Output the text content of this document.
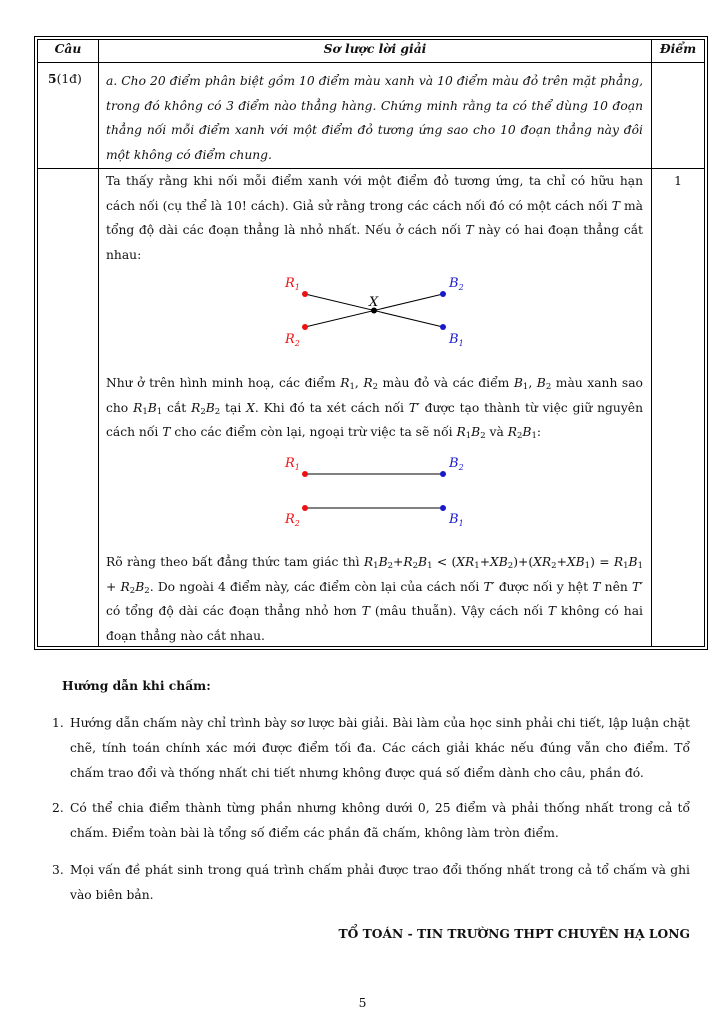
Câu	Sơ lược lời giải	Điểm
5(1đ) a. Cho 20 điểm phân biệt gồm 10 điểm màu xanh và 10 điểm màu đỏ trên mặt phẳng, trong đó không có 3 điểm nào thẳng hàng. Chứng minh rằng ta có thể dùng 10 đoạn thẳng nối mỗi điểm xanh với một điểm đỏ tương ứng sao cho 10 đoạn thẳng này đôi một không có điểm chung.
1
Ta thấy rằng khi nối mỗi điểm xanh với một điểm đỏ tương ứng, ta chỉ có hữu hạn cách nối (cụ thể là 10! cách). Giả sử rằng trong các cách nối đó có một cách nối T mà tổng độ dài các đoạn thẳng là nhỏ nhất. Nếu ở cách nối T này có hai đoạn thẳng cắt nhau:
$R_1$
$R_2$
$B_2$
$B_1$
X
Như ở trên hình minh hoạ, các điểm $R_1$, $R_2$ màu đỏ và các điểm $B_1$, $B_2$ màu xanh sao cho $R_1B_1$ cắt $R_2B_2$ tại X. Khi đó ta xét cách nối T′ được tạo thành từ việc giữ nguyên cách nối T cho các điểm còn lại, ngoại trừ việc ta sẽ nối $R_1B_2$ và $R_2B_1$:
$R_1$
$R_2$
$B_2$
$B_1$
Rõ ràng theo bất đẳng thức tam giác thì $R_1B_2+R_2B_1 < (XR_1+XB_2)+(XR_2+XB_1) = R_1B_1 + R_2B_2$. Do ngoài 4 điểm này, các điểm còn lại của cách nối T′ được nối y hệt T nên T′ có tổng độ dài các đoạn thẳng nhỏ hơn T (mâu thuẫn). Vậy cách nối T không có hai đoạn thẳng nào cắt nhau.
Hướng dẫn khi chấm:
1. Hướng dẫn chấm này chỉ trình bày sơ lược bài giải. Bài làm của học sinh phải chi tiết, lập luận chặt chẽ, tính toán chính xác mới được điểm tối đa. Các cách giải khác nếu đúng vẫn cho điểm. Tổ chấm trao đổi và thống nhất chi tiết nhưng không được quá số điểm dành cho câu, phần đó.
2. Có thể chia điểm thành từng phần nhưng không dưới 0, 25 điểm và phải thống nhất trong cả tổ chấm. Điểm toàn bài là tổng số điểm các phần đã chấm, không làm tròn điểm.
3. Mọi vấn đề phát sinh trong quá trình chấm phải được trao đổi thống nhất trong cả tổ chấm và ghi vào biên bản.
TỔ TOÁN - TIN TRƯỜNG THPT CHUYÊN HẠ LONG
5
